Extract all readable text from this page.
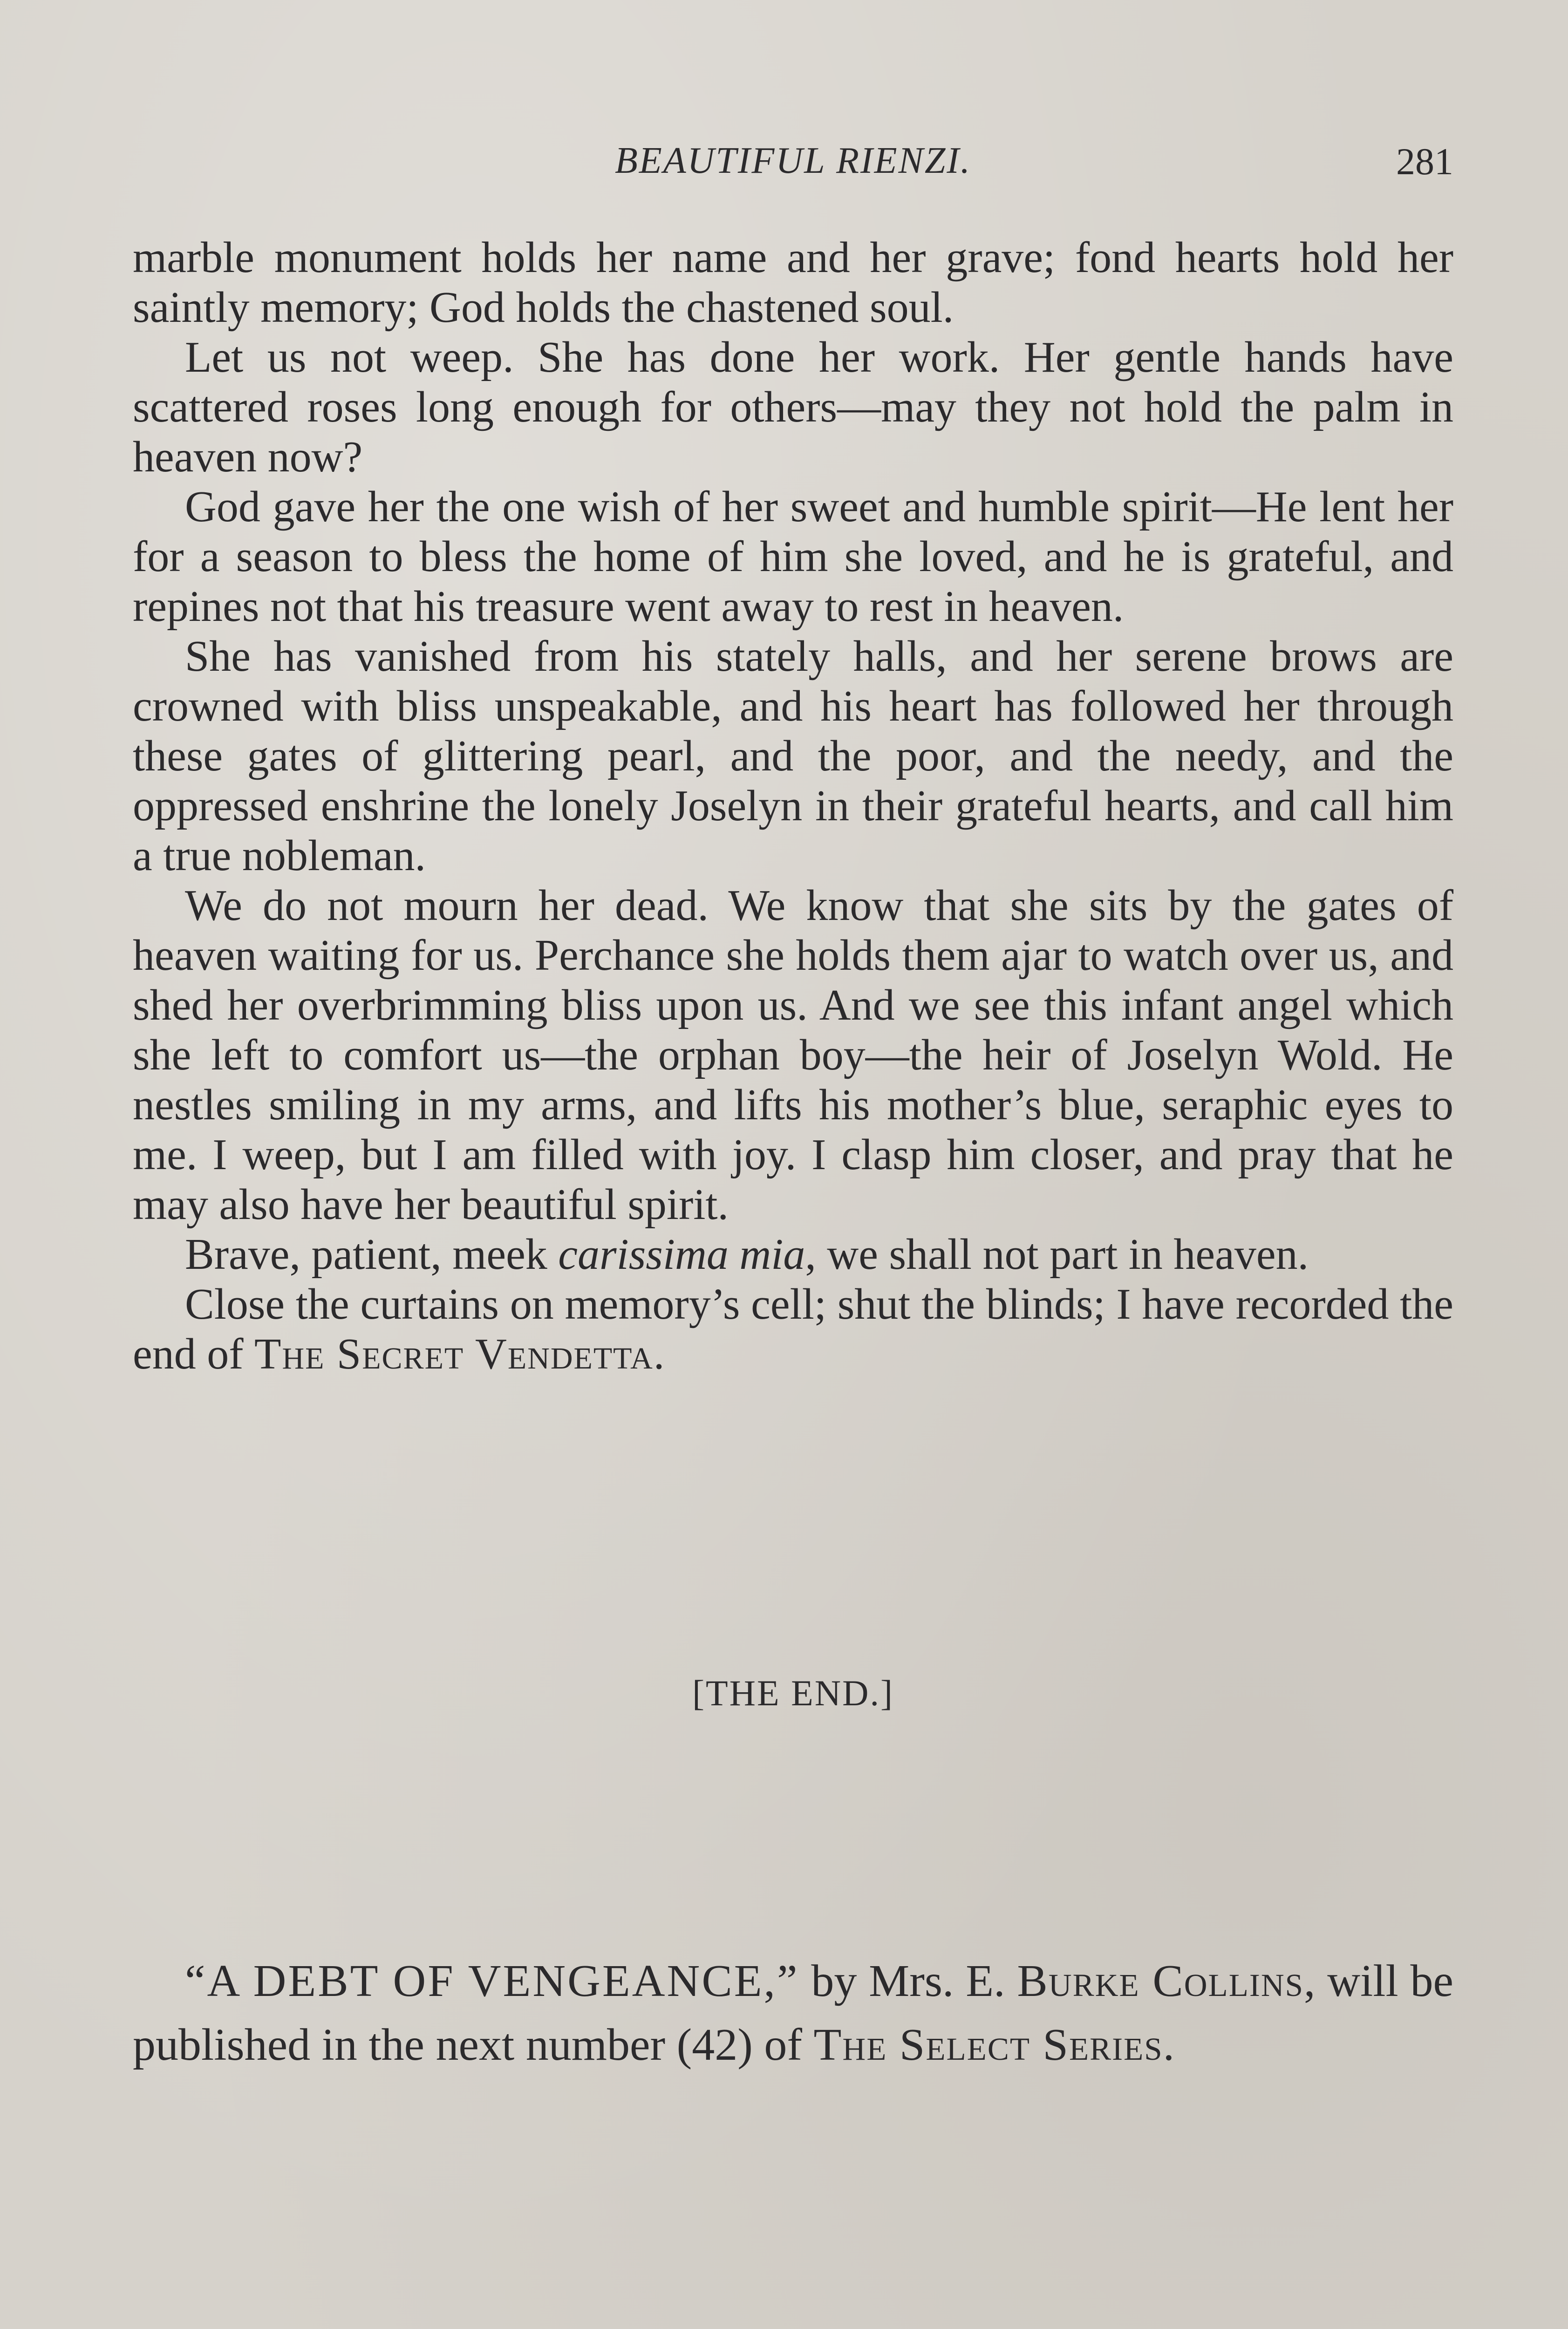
BEAUTIFUL RIENZI.	281

marble monument holds her name and her grave; fond hearts hold her saintly memory; God holds the chastened soul.

Let us not weep. She has done her work. Her gentle hands have scattered roses long enough for others—may they not hold the palm in heaven now?

God gave her the one wish of her sweet and humble spirit—He lent her for a season to bless the home of him she loved, and he is grateful, and repines not that his treasure went away to rest in heaven.

She has vanished from his stately halls, and her serene brows are crowned with bliss unspeakable, and his heart has followed her through these gates of glittering pearl, and the poor, and the needy, and the oppressed enshrine the lonely Joselyn in their grateful hearts, and call him a true nobleman.

We do not mourn her dead. We know that she sits by the gates of heaven waiting for us. Perchance she holds them ajar to watch over us, and shed her overbrimming bliss upon us. And we see this infant angel which she left to comfort us—the orphan boy—the heir of Joselyn Wold. He nestles smiling in my arms, and lifts his mother’s blue, seraphic eyes to me. I weep, but I am filled with joy. I clasp him closer, and pray that he may also have her beautiful spirit.

Brave, patient, meek carissima mia, we shall not part in heaven.

Close the curtains on memory’s cell; shut the blinds; I have recorded the end of The Secret Vendetta.

[THE END.]
“A DEBT OF VENGEANCE,” by Mrs. E. Burke Collins, will be published in the next number (42) of The Select Series.
